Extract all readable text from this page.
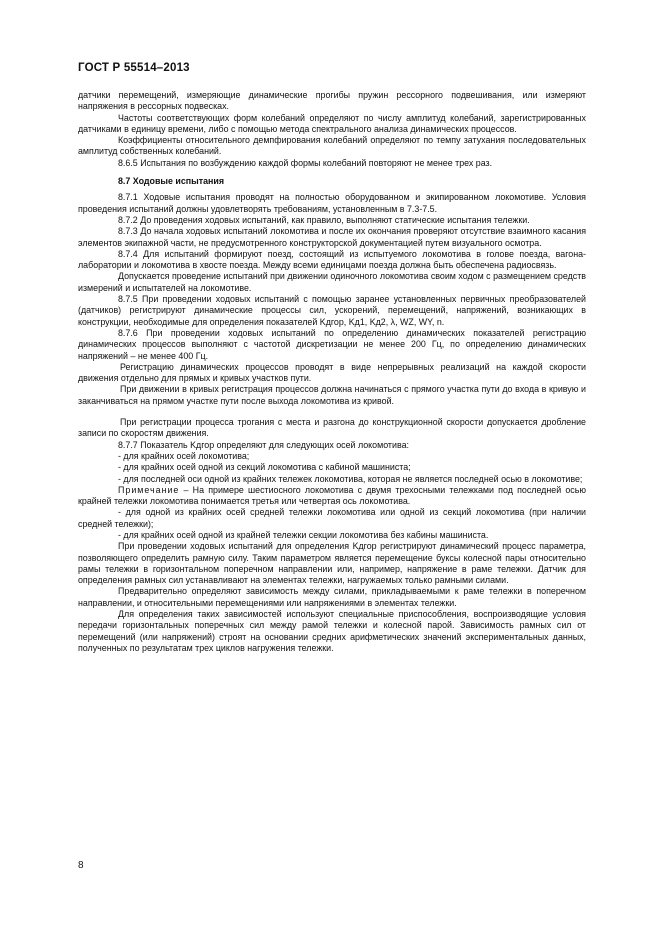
ГОСТ Р 55514–2013

датчики перемещений, измеряющие динамические прогибы пружин рессорного подвешивания, или измеряют напряжения в рессорных подвесках.

Частоты соответствующих форм колебаний определяют по числу амплитуд колебаний, зарегистрированных датчиками в единицу времени, либо с помощью метода спектрального анализа динамических процессов.

Коэффициенты относительного демпфирования колебаний определяют по темпу затухания последовательных амплитуд собственных колебаний.

8.6.5 Испытания по возбуждению каждой формы колебаний повторяют не менее трех раз.

8.7 Ходовые испытания

8.7.1 Ходовые испытания проводят на полностью оборудованном и экипированном локомотиве. Условия проведения испытаний должны удовлетворять требованиям, установленным в 7.3-7.5.

8.7.2 До проведения ходовых испытаний, как правило, выполняют статические испытания тележки.

8.7.3 До начала ходовых испытаний локомотива и после их окончания проверяют отсутствие взаимного касания элементов экипажной части, не предусмотренного конструкторской документацией путем визуального осмотра.

8.7.4 Для испытаний формируют поезд, состоящий из испытуемого локомотива в голове поезда, вагона-лаборатории и локомотива в хвосте поезда. Между всеми единицами поезда должна быть обеспечена радиосвязь.

Допускается проведение испытаний при движении одиночного локомотива своим ходом с размещением средств измерений и испытателей на локомотиве.

8.7.5 При проведении ходовых испытаний с помощью заранее установленных первичных преобразователей (датчиков) регистрируют динамические процессы сил, ускорений, перемещений, напряжений, возникающих в конструкции, необходимые для определения показателей Kдгор, Kд1, Kд2, λ, WZ, WY, n.

8.7.6 При проведении ходовых испытаний по определению динамических показателей регистрацию динамических процессов выполняют с частотой дискретизации не менее 200 Гц, по определению динамических напряжений – не менее 400 Гц.

Регистрацию динамических процессов проводят в виде непрерывных реализаций на каждой скорости движения отдельно для прямых и кривых участков пути.

При движении в кривых регистрация процессов должна начинаться с прямого участка пути до входа в кривую и заканчиваться на прямом участке пути после выхода локомотива из кривой.

При регистрации процесса трогания с места и разгона до конструкционной скорости допускается дробление записи по скоростям движения.

8.7.7 Показатель Kдгор определяют для следующих осей локомотива:

- для крайних осей локомотива;

- для крайних осей одной из секций локомотива с кабиной машиниста;

- для последней оси одной из крайних тележек локомотива, которая не является последней осью в локомотиве;

Примечание – На примере шестиосного локомотива с двумя трехосными тележками под последней осью крайней тележки локомотива понимается третья или четвертая ось локомотива.

- для одной из крайних осей средней тележки локомотива или одной из секций локомотива (при наличии средней тележки);

- для крайних осей одной из крайней тележки секции локомотива без кабины машиниста.

При проведении ходовых испытаний для определения Kдгор регистрируют динамический процесс параметра, позволяющего определить рамную силу. Таким параметром является перемещение буксы колесной пары относительно рамы тележки в горизонтальном поперечном направлении или, например, напряжение в раме тележки. Датчик для определения рамных сил устанавливают на элементах тележки, нагружаемых только рамными силами.

Предварительно определяют зависимость между силами, прикладываемыми к раме тележки в поперечном направлении, и относительными перемещениями или напряжениями в элементах тележки.

Для определения таких зависимостей используют специальные приспособления, воспроизводящие условия передачи горизонтальных поперечных сил между рамой тележки и колесной парой. Зависимость рамных сил от перемещений (или напряжений) строят на основании средних арифметических значений экспериментальных данных, полученных по результатам трех циклов нагружения тележки.

8
